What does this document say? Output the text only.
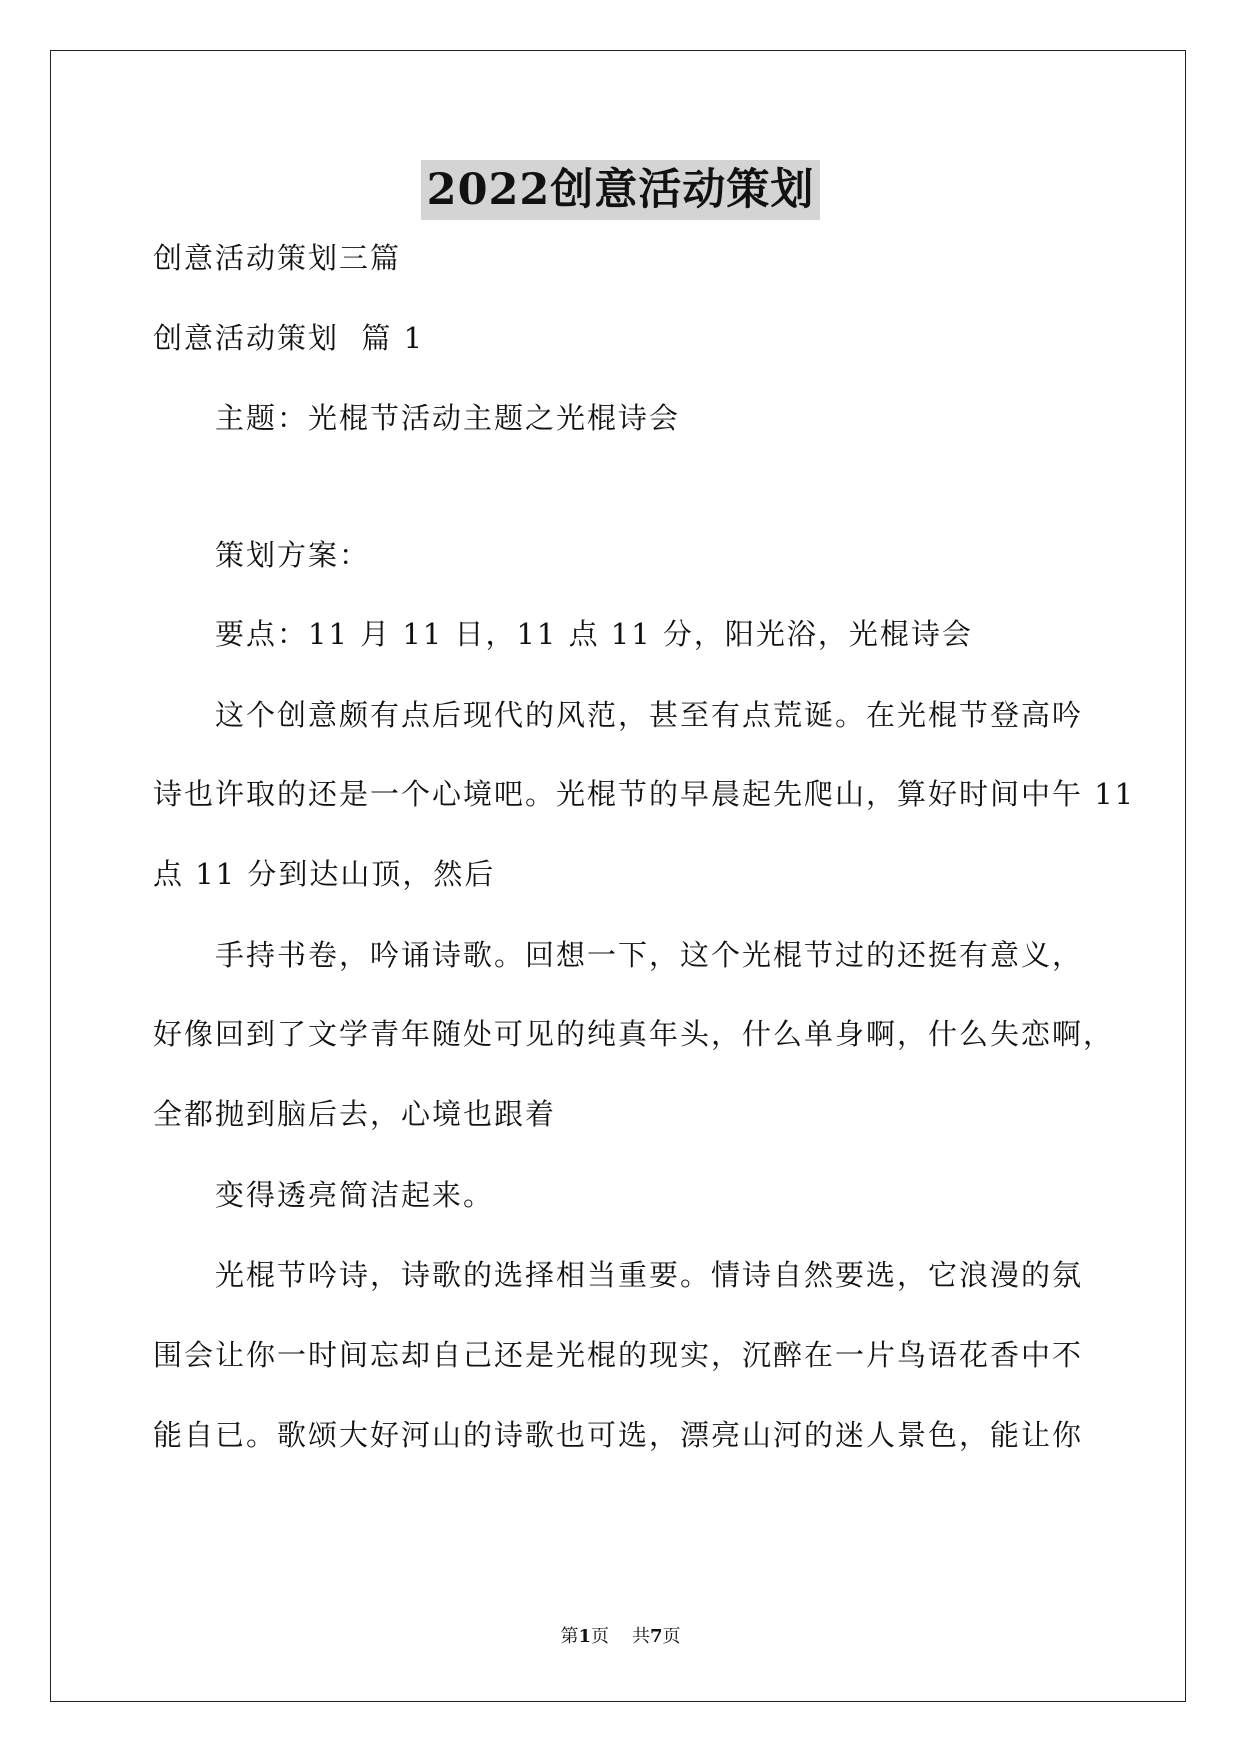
2022创意活动策划

创意活动策划三篇

创意活动策划  篇 1

主题：光棍节活动主题之光棍诗会

策划方案：

要点：11 月 11 日，11 点 11 分，阳光浴，光棍诗会

这个创意颇有点后现代的风范，甚至有点荒诞。在光棍节登高吟

诗也许取的还是一个心境吧。光棍节的早晨起先爬山，算好时间中午 11

点 11 分到达山顶，然后

手持书卷，吟诵诗歌。回想一下，这个光棍节过的还挺有意义，

好像回到了文学青年随处可见的纯真年头，什么单身啊，什么失恋啊，

全都抛到脑后去，心境也跟着

变得透亮简洁起来。

光棍节吟诗，诗歌的选择相当重要。情诗自然要选，它浪漫的氛

围会让你一时间忘却自己还是光棍的现实，沉醉在一片鸟语花香中不

能自已。歌颂大好河山的诗歌也可选，漂亮山河的迷人景色，能让你

第1页 共7页
